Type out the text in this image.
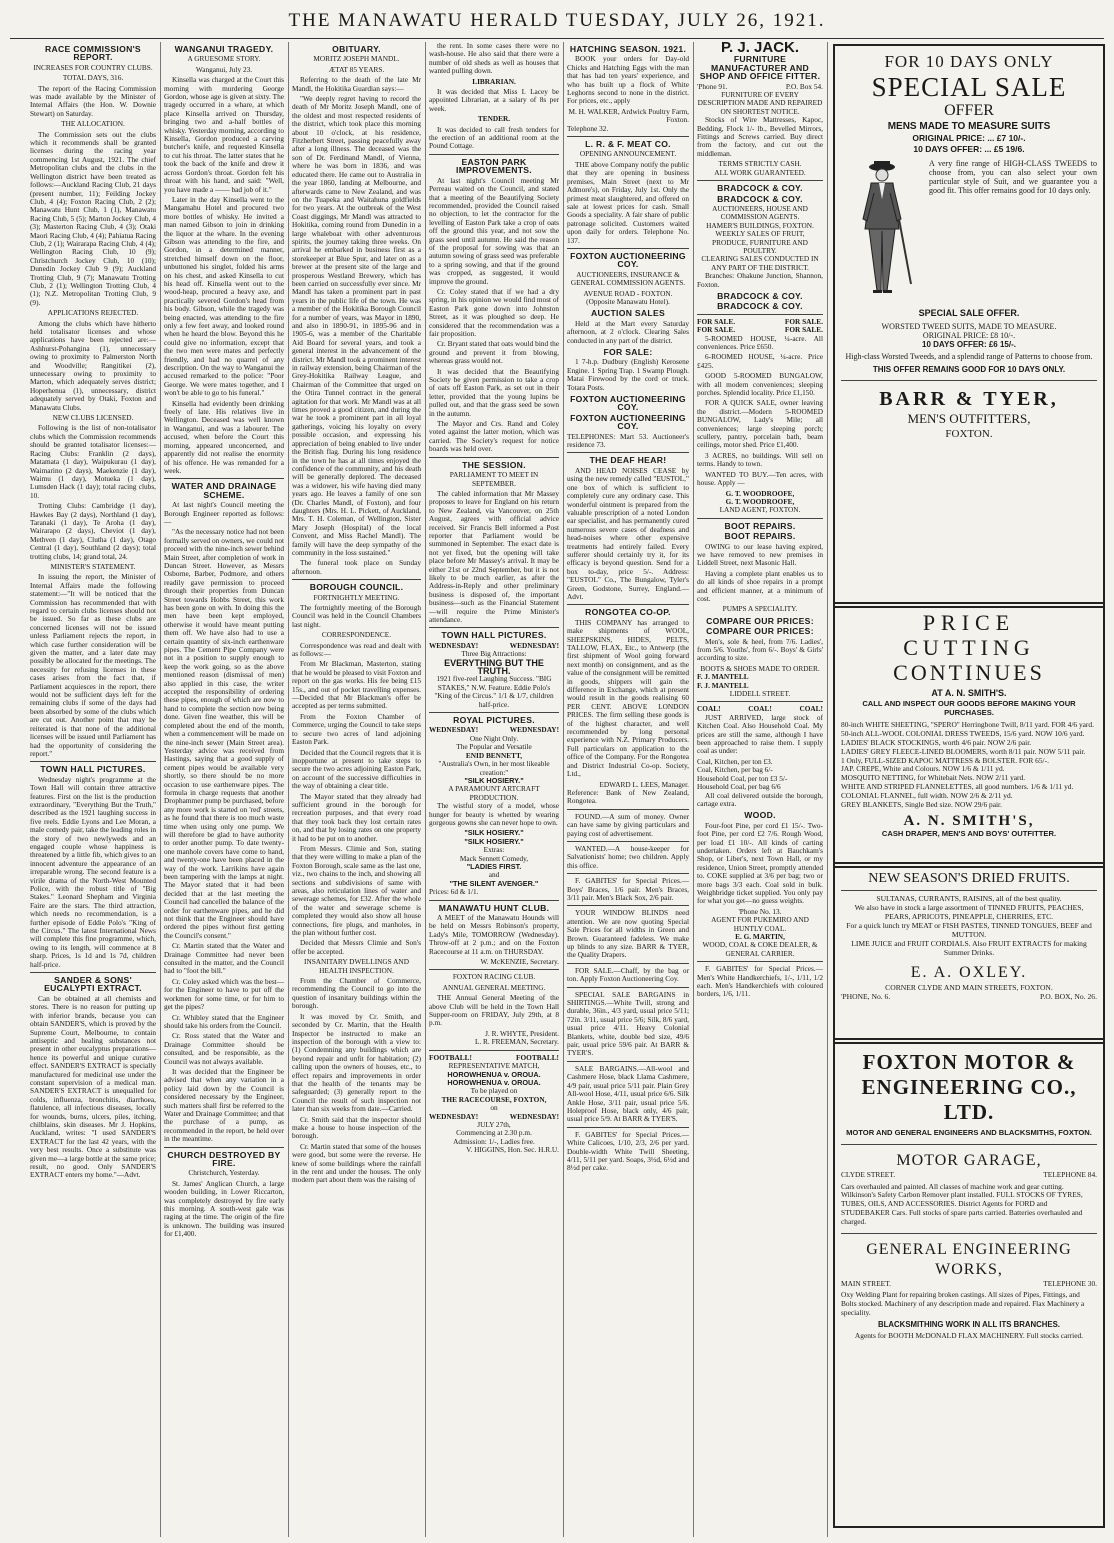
THE MANAWATU HERALD TUESDAY, JULY 26, 1921.
RACE COMMISSION'S REPORT.
INCREASES FOR COUNTRY CLUBS.
TOTAL DAYS, 316.

The report of the Racing Commission was made available by the Minister of Internal Affairs (the Hon. W. Downie Stewart) on Saturday.

THE ALLOCATION.

The Commission sets out the clubs which it recommends shall be granted licenses during the racing year commencing 1st August, 1921. The chief Metropolitan clubs and the clubs in the Wellington district have been treated as follows:—Auckland Racing Club, 21 days (present number, 11); Feilding Jockey Club, 4 (4); Foxton Racing Club, 2 (2); Manawatu Hunt Club, 1 (1), Manawatu Racing Club, 5 (5); Marton Jockey Club, 4 (3); Masterton Racing Club, 4 (3); Otaki Maori Racing Club, 4 (4); Pahiatua Racing Club, 2 (1); Wairarapa Racing Club, 4 (4); Wellington Racing Club, 10 (9); Christchurch Jockey Club, 10 (10); Dunedin Jockey Club 9 (9); Auckland Trotting Club, 9 (7); Manawatu Trotting Club, 2 (1); Wellington Trotting Club, 4 (1); N.Z. Metropolitan Trotting Club, 9 (9).

APPLICATIONS REJECTED.

Among the clubs which have hitherto held totalisator licenses and whose applications have been rejected are:—Ashhurst-Pohangina (1), unnecessary owing to proximity to Palmerston North and Woodville; Rangitikei (2), unnecessary owing to proximity to Marton, which adequately serves district; Hoperhenua (1), unnecessary, district adequately served by Otaki, Foxton and Manawatu Clubs.

NEW CLUBS LICENSED.

Following is the list of non-totalisator clubs which the Commission recommends should be granted totalisator licenses:—Racing Clubs: Franklin (2 days), Matamata (1 day), Waipukurau (1 day), Waimarino (2 days), Maekenzie (1 day), Waimu (1 day), Motueka (1 day), Lumsden Hack (1 day); total racing clubs, 10.

Trotting Clubs: Cambridge (1 day), Hawkes Bay (2 days), Northland (1 day), Taranaki (1 day), Te Aroha (1 day), Wairarapo (2 days), Cheviot (1 day), Methven (1 day), Clutha (1 day), Otago Central (1 day), Southland (2 days); total trotting clubs, 14; grand total, 24.

MINISTER'S STATEMENT.

In issuing the report, the Minister of Internal Affairs made the following statement:—"It will be noticed that the Commission has recommended that with regard to certain clubs licenses should not be issued. So far as these clubs are concerned licenses will not be issued unless Parliament rejects the report, in which case further consideration will be given the matter, and a later date may possibly be allocated for the meetings. The necessity for refusing licenses in these cases arises from the fact that, if Parliament acquiesces in the report, there would not be sufficient days left for the remaining clubs if some of the days had been absorbed by some of the clubs which are cut out. Another point that may be reiterated is that none of the additional licenses will be issued until Parliament has had the opportunity of considering the report."

TOWN HALL PICTURES.

Wednesday night's programme at the Town Hall will contain three attractive features. First on the list is the production extraordinary, "Everything But the Truth," described as the 1921 laughing success in five reels. Eddie Lyons and Lee Moran, a male comedy pair, take the leading roles in the story of two newlyweds and an engaged couple whose happiness is threatened by a little fib, which gives to an innocent adventure the appearance of an irreparable wrong. The second feature is a virile drama of the North-West Mounted Police, with the robust title of "Big Stakes." Leonard Shepham and Virginia Faire are the stars. The third attraction, which needs no recommendation, is a further episode of Eddie Polo's "King of the Circus." The latest International News will complete this fine programme, which, owing to its length, will commence at 8 sharp. Prices, 1s 1d and 1s 7d, children half-price.

SANDER & SONS' EUCALYPTI EXTRACT.

Can be obtained at all chemists and stores. There is no reason for putting up with inferior brands, because you can obtain SANDER'S, which is proved by the Supreme Court, Melbourne, to contain antiseptic and healing substances not present in other eucalyptus preparations—hence its powerful and unique curative effect. SANDER'S EXTRACT is specially manufactured for medicinal use under the constant supervision of a medical man. SANDER'S EXTRACT is unequalled for colds, influenza, bronchitis, diarrhoea, flatulence, all infectious diseases, locally for wounds, burns, ulcers, piles, itching, chilblains, skin diseases. Mr J. Hopkins, Auckland, writes: "I used SANDER'S EXTRACT for the last 42 years, with the very best results. Once a substitute was given me—a large bottle at the same price; result, no good. Only SANDER'S EXTRACT enters my home."—Advt.

WANGANUI TRAGEDY.
A GRUESOME STORY.
Wanganui, July 23.

Kinsella was charged at the Court this morning with murdering George Gordon, whose age is given at sixty. The tragedy occurred in a whare, at which place Kinsella arrived on Thursday, bringing two and a-half bottles of whisky. Yesterday morning, according to Kinsella, Gordon produced a carving butcher's knife, and requested Kinsella to cut his throat. The latter states that he took the back of the knife and drew it across Gordon's throat. Gordon felt his throat with his hand, and said: "Well, you have made a —— bad job of it."

Later in the day Kinsella went to the Mangamahu Hotel and procured two more bottles of whisky. He invited a man named Gibson to join in drinking the liquor at the whare. In the evening Gibson was attending to the fire, and Gordon, in a determined manner, stretched himself down on the floor, unbuttoned his singlet, folded his arms on his chest, and asked Kinsella to cut his head off. Kinsella went out to the wood-heap, procured a heavy axe, and practically severed Gordon's head from his body. Gibson, while the tragedy was being enacted, was attending to the fire only a few feet away, and looked round when he heard the blow. Beyond this he could give no information, except that the two men were mates and perfectly friendly, and had no quarrel of any description. On the way to Wanganui the accused remarked to the police: "Poor George. We were mates together, and I won't be able to go to his funeral."

Kinsella had evidently been drinking freely of late. His relatives live in Wellington. Deceased was well known in Wanganui, and was a labourer. The accused, when before the Court this morning, appeared unconcerned, and apparently did not realise the enormity of his offence. He was remanded for a week.

WATER AND DRAINAGE SCHEME.

At last night's Council meeting the Borough Engineer reported as follows:—

"As the necessary notice had not been formally served on owners, we could not proceed with the nine-inch sewer behind Main Street, after completion of work in Duncan Street. However, as Messrs Osborne, Barber, Podmore, and others readily gave permission to proceed through their properties from Duncan Street towards Hobbs Street, this work has been gone on with. In doing this the men have been kept employed, otherwise it would have meant putting them off. We have also had to use a certain quantity of six-inch earthenware pipes. The Cement Pipe Company were not in a position to supply enough to keep the work going, so as the above mentioned reason (dismissal of men) also applied in this case, the writer accepted the responsibility of ordering these pipes, enough of which are now to hand to complete the section now being done. Given fine weather, this will be completed about the end of the month, when a commencement will be made on the nine-inch sewer (Main Street area). Yesterday advice was received from Hastings, saying that a good supply of cement pipes would be available very shortly, so there should be no more occasion to use earthenware pipes. The formula in charge requests that another Drophammer pump be purchased, before any more work is started on 'red' streets, as he found that there is too much waste time when using only one pump. We will therefore be glad to have authority to order another pump. To date twenty-one manhole covers have come to hand, and twenty-one have been placed in the way of the work. Larrikins have again been tampering with the lamps at night. The Mayor stated that it had been decided that at the last meeting the Council had cancelled the balance of the order for earthenware pipes, and he did not think that the Engineer should have ordered the pipes without first getting the Council's consent."

Cr. Martin stated that the Water and Drainage Committee had never been consulted in the matter, and the Council had to "foot the bill."

Cr. Coley asked which was the best—for the Engineer to have to put off the workmen for some time, or for him to get the pipes?

Cr. Whibley stated that the Engineer should take his orders from the Council.

Cr. Ross stated that the Water and Drainage Committee should be consulted, and be responsible, as the Council was not always available.

It was decided that the Engineer be advised that when any variation in a policy laid down by the Council is considered necessary by the Engineer, such matters shall first be referred to the Water and Drainage Committee; and that the purchase of a pump, as recommended in the report, be held over in the meantime.

CHURCH DESTROYED BY FIRE.
Christchurch, Yesterday.

St. James' Anglican Church, a large wooden building, in Lower Riccarton, was completely destroyed by fire early this morning. A south-west gale was raging at the time. The origin of the fire is unknown. The building was insured for £1,400.

OBITUARY.
MORITZ JOSEPH MANDL.
ÆTAT 85 YEARS.

Referring to the death of the late Mr Mandl, the Hokitika Guardian says:—

"We deeply regret having to record the death of Mr Moritz Joseph Mandl, one of the oldest and most respected residents of the district, which took place this morning about 10 o'clock, at his residence, Fitzherbert Street, passing peacefully away after a long illness. The deceased was the son of Dr. Ferdinand Mandl, of Vienna, where he was born in 1836, and was educated there. He came out to Australia in the year 1860, landing at Melbourne, and afterwards came to New Zealand, and was on the Tuapeka and Waitahuna goldfields for two years. At the outbreak of the West Coast diggings, Mr Mandl was attracted to Hokitika, coming round from Dunedin in a large whaleboat with other adventurous spirits, the journey taking three weeks. On arrival he embarked in business first as a storekeeper at Blue Spur, and later on as a brewer at the present site of the large and prosperous Westland Brewery, which has been carried on successfully ever since. Mr Mandl has taken a prominent part in past years in the public life of the town. He was a member of the Hokitika Borough Council for a number of years, was Mayor in 1890, and also in 1890-91, in 1895-96 and in 1905-6, was a member of the Charitable Aid Board for several years, and took a general interest in the advancement of the district. Mr Mandl took a prominent interest in railway extension, being Chairman of the Grey-Hokitika Railway League, and Chairman of the Committee that urged on the Otira Tunnel contract in the general agitation for that work. Mr Mandl was at all times proved a good citizen, and during the war he took a prominent part in all loyal gatherings, voicing his loyalty on every possible occasion, and expressing his appreciation of being enabled to live under the British flag. During his long residence in the town he has at all times enjoyed the confidence of the community, and his death will be generally deplored. The deceased was a widower, his wife having died many years ago. He leaves a family of one son (Dr. Charles Mandl, of Foxton), and four daughters (Mrs. H. L. Pickett, of Auckland, Mrs. T. H. Coleman, of Wellington, Sister Mary Joseph (Hospital) of the local Convent, and Miss Rachel Mandl). The family will have the deep sympathy of the community in the loss sustained."

The funeral took place on Sunday afternoon.

BOROUGH COUNCIL.
FORTNIGHTLY MEETING.

The fortnightly meeting of the Borough Council was held in the Council Chambers last night.

CORRESPONDENCE.

Correspondence was read and dealt with as follows:—

From Mr Blackman, Masterton, stating that he would be pleased to visit Foxton and report on the gas works. His fee being £15 15s., and out of pocket travelling expenses.—Decided that Mr Blackman's offer be accepted as per terms submitted.

From the Foxton Chamber of Commerce, urging the Council to take steps to secure two acres of land adjoining Easton Park.

Decided that the Council regrets that it is inopportune at present to take steps to secure the two acres adjoining Easton Park, on account of the successive difficulties in the way of obtaining a clear title.

The Mayor stated that they already had sufficient ground in the borough for recreation purposes, and that every road that they took back they lost certain rates on, and that by losing rates on one property it had to be put on to another.

From Messrs. Climie and Son, stating that they were willing to make a plan of the Foxton Borough, scale same as the last one, viz., two chains to the inch, and showing all sections and subdivisions of same with areas, also reticulation lines of water and sewerage schemes, for £32. After the whole of the water and sewerage scheme is completed they would also show all house connections, fire plugs, and manholes, in the plan without further cost.

Decided that Messrs Climie and Son's offer be accepted.

INSANITARY DWELLINGS AND HEALTH INSPECTION.

From the Chamber of Commerce, recommending the Council to go into the question of insanitary buildings within the borough.

It was moved by Cr. Smith, and seconded by Cr. Martin, that the Health Inspector be instructed to make an inspection of the borough with a view to: (1) Condemning any buildings which are beyond repair and unfit for habitation; (2) calling upon the owners of houses, etc., to effect repairs and improvements in order that the health of the tenants may be safeguarded; (3) generally report to the Council the result of such inspection not later than six weeks from date.—Carried.

Cr. Smith said that the inspector should make a house to house inspection of the borough.

Cr. Martin stated that some of the houses were good, but some were the reverse. He knew of some buildings where the rainfall in the rent and under the houses. The only modern part about them was the raising of

the rent. In some cases there were no wash-house. He also said that there were a number of old sheds as well as houses that wanted pulling down.

LIBRARIAN.

It was decided that Miss I. Lacey be appointed Librarian, at a salary of 8s per week.

TENDER.

It was decided to call fresh tenders for the erection of an additional room at the Pound Cottage.

EASTON PARK IMPROVEMENTS.

At last night's Council meeting Mr Perreau waited on the Council, and stated that a meeting of the Beautifying Society recommended, provided the Council raised no objection, to let the contractor for the levelling of Easton Park take a crop of oats off the ground this year, and not sow the grass seed until autumn. He said the reason of the proposal for sowing was that an autumn sowing of grass seed was preferable to a spring sowing, and that if the ground was cropped, as suggested, it would improve the ground.

Cr. Coley stated that if we had a dry spring, in his opinion we would find most of Easton Park gone down into Johnston Street, as it was ploughed so deep. He considered that the recommendation was a fair proposition.

Cr. Bryant stated that oats would bind the ground and prevent it from blowing, whereas grass would not.

It was decided that the Beautifying Society be given permission to take a crop of oats off Easton Park, as set out in their letter, provided that the young lupins be pulled out, and that the grass seed be sown in the autumn.

The Mayor and Crs. Rand and Coley voted against the latter motion, which was carried. The Society's request for notice boards was held over.

THE SESSION.
PARLIAMENT TO MEET IN SEPTEMBER.

The cabled information that Mr Massey proposes to leave for England on his return to New Zealand, via Vancouver, on 25th August, agrees with official advice received. Sir Francis Bell informed a Post reporter that Parliament would be summoned in September. The exact date is not yet fixed, but the opening will take place before Mr Massey's arrival. It may be either 21st or 22nd September, but it is not likely to be much earlier, as after the Address-in-Reply and other preliminary business is disposed of, the important business—such as the Financial Statement—will require the Prime Minister's attendance.

TOWN HALL PICTURES.
WEDNESDAY!	WEDNESDAY!
Three Big Attractions:
EVERYTHING BUT THE TRUTH.
1921 five-reel Laughing Success. "BIG STAKES," N.W. Feature. Eddie Polo's "King of the Circus." 1/1 & 1/7, children half-price.
ROYAL PICTURES.
WEDNESDAY!	WEDNESDAY!
One Night Only.
The Popular and Versatile
ENID BENNETT,
"Australia's Own, in her most likeable creation:"
"SILK HOSIERY."
A PARAMOUNT ARTCRAFT PRODUCTION.

The wistful story of a model, whose hunger for beauty is whetted by wearing gorgeous gowns she can never hope to own.

"SILK HOSIERY."
"SILK HOSIERY."
Extras:
Mack Sennett Comedy,
"LADIES FIRST.
and
"THE SILENT AVENGER."
Prices: 6d & 1/1.
MANAWATU HUNT CLUB.

A MEET of the Manawatu Hounds will be held on Messrs Robinson's property, Lady's Mile, TOMORROW (Wednesday). Throw-off at 2 p.m.; and on the Foxton Racecourse at 11 a.m. on THURSDAY.

W. McKENZIE, Secretary.
FOXTON RACING CLUB.
ANNUAL GENERAL MEETING.

THE Annual General Meeting of the above Club will be held in the Town Hall Supper-room on FRIDAY, July 29th, at 8 p.m.

J. R. WHYTE, President.
L. R. FREEMAN, Secretary.
FOOTBALL!	FOOTBALL!
REPRESENTATIVE MATCH,
HOROWHENUA v. OROUA.
HOROWHENUA v. OROUA.
To be played on
THE RACECOURSE, FOXTON,
on
WEDNESDAY!	WEDNESDAY!
JULY 27th,
Commencing at 2.30 p.m.
Admission: 1/-, Ladies free.
V. HIGGINS, Hon. Sec. H.R.U.
HATCHING SEASON. 1921.

BOOK your orders for Day-old Chicks and Hatching Eggs with the man that has had ten years' experience, and who has built up a flock of White Leghorns second to none in the district. For prices, etc., apply

M. H. WALKER, Ardwick Poultry Farm, Foxton.
Telephone 32.
L. R. & F. MEAT CO.
OPENING ANNOUNCEMENT.

THE above Company notify the public that they are opening in business premises, Main Street (next to Mr Admore's), on Friday, July 1st. Only the primest meat slaughtered, and offered on sale at lowest prices for cash. Small Goods a speciality. A fair share of public patronage solicited. Customers waited upon daily for orders. Telephone No. 137.

FOXTON AUCTIONEERING COY.
AUCTIONEERS, INSURANCE & GENERAL COMMISSION AGENTS.
AVENUE ROAD - FOXTON.
(Opposite Manawatu Hotel).
AUCTION SALES

Held at the Mart every Saturday afternoon, at 2 o'clock. Clearing Sales conducted in any part of the district.

FOR SALE:

1 7-h.p. Dudbury (English) Kerosene Engine. 1 Spring Trap. 1 Swamp Plough. Matai Firewood by the cord or truck. Totara Posts.

FOXTON AUCTIONEERING COY.
FOXTON AUCTIONEERING COY.
TELEPHONES: Mart 53. Auctioneer's residence 73.
THE DEAF HEAR!

AND HEAD NOISES CEASE by using the new remedy called "EUSTOL," one box of which is sufficient to completely cure any ordinary case. This wonderful ointment is prepared from the valuable prescription of a noted London ear specialist, and has permanently cured numerous severe cases of deafness and head-noises where other expensive treatments had entirely failed. Every sufferer should certainly try it, for its efficacy is beyond question. Send for a box to-day, price 5/-. Address: "EUSTOL" Co., The Bungalow, Tyler's Green, Godstone, Surrey, England.—Advt.

RONGOTEA CO-OP.

THIS COMPANY has arranged to make shipments of WOOL, SHEEPSKINS, HIDES, PELTS, TALLOW, FLAX, Etc., to Antwerp (the first shipment of Wool going forward next month) on consignment, and as the value of the consignment will be remitted in goods, shippers will gain the difference in Exchange, which at present would result in the goods realising 60 PER CENT. ABOVE LONDON PRICES. The firm selling these goods is of the highest character, and well recommended by long personal experience with N.Z. Primary Producers. Full particulars on application to the office of the Company. For the Rongotea and District Industrial Co-op. Society, Ltd.,

EDWARD L. LEES, Manager.
Reference: Bank of New Zealand, Rongotea.

FOUND.—A sum of money. Owner can have same by giving particulars and paying cost of advertisement.

WANTED.—A house-keeper for Salvationists' home; two children. Apply this office.

F. GABITES' for Special Prices.—Boys' Braces, 1/6 pair. Men's Braces, 3/11 pair. Men's Black Sox, 2/6 pair.

YOUR WINDOW BLINDS need attention. We are now quoting Special Sale Prices for all widths in Green and Brown. Guaranteed fadeless. We make up blinds to any size. BARR & TYER, the Quality Drapers.

FOR SALE.—Chaff, by the bag or ton. Apply Foxton Auctioneering Coy.

SPECIAL SALE BARGAINS in SHIRTINGS.—White Twill, strong and durable, 36in., 4/3 yard, usual price 5/11; 72in. 3/11, usual price 5/6; Silk, 8/6 yard, usual price 4/11. Heavy Colonial Blankets, white, double bed size, 49/6 pair, usual price 59/6 pair. At BARR & TYER'S.

SALE BARGAINS.—All-wool and Cashmere Hose, black Llama Cashmere, 4/9 pair, usual price 5/11 pair. Plain Grey All-wool Hose, 4/11, usual price 6/6. Silk Ankle Hose, 3/11 pair, usual price 5/6. Holeproof Hose, black only, 4/6 pair, usual price 5/9. At BARR & TYER'S.

F. GABITES' for Special Prices.—White Calicoes, 1/10, 2/3, 2/6 per yard. Double-width White Twill Sheeting, 4/11, 5/11 per yard. Soaps, 3½d, 6½d and 8½d per cake.

P. J. JACK.
FURNITURE MANUFACTURER AND SHOP AND OFFICE FITTER.
'Phone 91.	P.O. Box 54.
FURNITURE OF EVERY DESCRIPTION MADE AND REPAIRED ON SHORTEST NOTICE.

Stocks of Wire Mattresses, Kapoc, Bedding, Flock 1/- lb., Bevelled Mirrors, Fittings and Screws carried. Buy direct from the factory, and cut out the middleman.

TERMS STRICTLY CASH.
ALL WORK GUARANTEED.
BRADCOCK & COY.
BRADCOCK & COY.
AUCTIONEERS, HOUSE AND COMMISSION AGENTS.
HAMER'S BUILDINGS, FOXTON.
WEEKLY SALES OF FRUIT, PRODUCE, FURNITURE AND POULTRY.
CLEARING SALES CONDUCTED IN ANY PART OF THE DISTRICT.

Branches: Ohakune Junction, Shannon, Foxton.

BRADCOCK & COY.
BRADCOCK & COY.
FOR SALE.	FOR SALE.
FOR SALE.	FOR SALE.

5-ROOMED HOUSE, ¼-acre. All conveniences. Price £650.

6-ROOMED HOUSE, ¼-acre. Price £425.

GOOD 5-ROOMED BUNGALOW, with all modern conveniences; sleeping porches. Splendid locality. Price £1,150.

FOR A QUICK SALE, owner leaving the district.—Modern 5-ROOMED BUNGALOW, Lady's Mile; all conveniences; large sleeping porch; scullery, pantry, porcelain bath, beam ceilings, motor shed. Price £1,400.

3 ACRES, no buildings. Will sell on terms. Handy to town.

WANTED TO BUY.—Ten acres, with house. Apply —

G. T. WOODROOFE,
G. T. WOODROOFE,
LAND AGENT, FOXTON.
BOOT REPAIRS.
BOOT REPAIRS.

OWING to our lease having expired, we have removed to new premises in Liddell Street, next Masonic Hall.

Having a complete plant enables us to do all kinds of shoe repairs in a prompt and efficient manner, at a minimum of cost.

PUMPS A SPECIALITY.
COMPARE OUR PRICES:
COMPARE OUR PRICES:

Men's, sole & heel, from 7/6. Ladies', from 5/6. Youths', from 6/-. Boys' & Girls' according to size.

BOOTS & SHOES MADE TO ORDER.
F. J. MANTELL
F. J. MANTELL
LIDDELL STREET.
COAL!	COAL!	COAL!

JUST ARRIVED, large stock of Kitchen Coal. Also Household Coal. My prices are still the same, although I have been approached to raise them. I supply coal as under:

Coal, Kitchen, per ton £3.
Coal, Kitchen, per bag 6/-
Household Coal, per ton £3 5/-
Household Coal, per bag 6/6

All coal delivered outside the borough, cartage extra.

WOOD.

Four-foot Pine, per cord £1 15/-. Two-foot Pine, per cord £2 7/6. Rough Wood, per load £1 10/-. All kinds of carting undertaken. Orders left at Bauchkam's Shop, or Liber's, next Town Hall, or my residence, Union Street, promptly attended to. COKE supplied at 3/6 per bag; two or more bags 3/3 each. Coal sold in bulk. Weighbridge ticket supplied. You only pay for what you get—no guess weights.

'Phone No. 13.
AGENT FOR PUKEMIRO AND HUNTLY COAL.
E. G. MARTIN,
WOOD, COAL & COKE DEALER, & GENERAL CARRIER.

F. GABITES' for Special Prices.—Men's White Handkerchiefs, 1/-, 1/11, 1/2 each. Men's Handkerchiefs with coloured borders, 1/6, 1/11.

FOR 10 DAYS ONLY
SPECIAL SALE
OFFER
MENS MADE TO MEASURE SUITS
ORIGINAL PRICE: ... £7 10/-.
10 DAYS OFFER: ... £5 19/6.
A very fine range of HIGH-CLASS TWEEDS to choose from, you can also select your own particular style of Suit, and we guarantee you a good fit. This offer remains good for 10 days only.
SPECIAL SALE OFFER.
WORSTED TWEED SUITS, MADE TO MEASURE.
ORIGINAL PRICE: £8 10/-.
10 DAYS OFFER: £6 15/-.
High-class Worsted Tweeds, and a splendid range of Patterns to choose from.
THIS OFFER REMAINS GOOD FOR 10 DAYS ONLY.
BARR & TYER,
MEN'S OUTFITTERS,
FOXTON.
PRICE
CUTTING
CONTINUES
AT A. N. SMITH'S.
CALL AND INSPECT OUR GOODS BEFORE MAKING YOUR PURCHASES.
80-inch WHITE SHEETING, "SPERO" Herringbone Twill, 8/11 yard. FOR 4/6 yard.
50-inch ALL-WOOL COLONIAL DRESS TWEEDS, 15/6 yard. NOW 10/6 yard.
LADIES' BLACK STOCKINGS, worth 4/6 pair. NOW 2/6 pair.
LADIES' GREY FLEECE-LINED BLOOMERS, worth 8/11 pair. NOW 5/11 pair.
1 Only, FULL-SIZED KAPOC MATTRESS & BOLSTER. FOR 65/-.
JAP. CREPE, White and Colours. NOW 1/6 & 1/11 yd.
MOSQUITO NETTING, for Whitebait Nets. NOW 2/11 yard.
WHITE AND STRIPED FLANNELETTES, all good numbers. 1/6 & 1/11 yd.
COLONIAL FLANNEL, full width. NOW 2/6 & 2/11 yd.
GREY BLANKETS, Single Bed size. NOW 29/6 pair.
A. N. SMITH'S,
CASH DRAPER, MEN'S AND BOYS' OUTFITTER.
NEW SEASON'S DRIED FRUITS.
SULTANAS, CURRANTS, RAISINS, all of the best quality.
We also have in stock a large assortment of TINNED FRUITS, PEACHES, PEARS, APRICOTS, PINEAPPLE, CHERRIES, ETC.
For a quick lunch try MEAT or FISH PASTES, TINNED TONGUES, BEEF and MUTTON.
LIME JUICE and FRUIT CORDIALS. Also FRUIT EXTRACTS for making Summer Drinks.
E. A. OXLEY.
CORNER CLYDE AND MAIN STREETS, FOXTON.
'PHONE, No. 6.	P.O. BOX, No. 26.
FOXTON MOTOR & ENGINEERING CO., LTD.
MOTOR AND GENERAL ENGINEERS AND BLACKSMITHS, FOXTON.
MOTOR GARAGE,
CLYDE STREET.	TELEPHONE 84.

Cars overhauled and painted. All classes of machine work and gear cutting. Wilkinson's Safety Carbon Remover plant installed. FULL STOCKS OF TYRES, TUBES, OILS, AND ACCESSORIES. District Agents for FORD and STUDEBAKER Cars. Full stocks of spare parts carried. Batteries overhauled and charged.

GENERAL ENGINEERING WORKS,
MAIN STREET.	TELEPHONE 30.

Oxy Welding Plant for repairing broken castings. All sizes of Pipes, Fittings, and Bolts stocked. Machinery of any description made and repaired. Flax Machinery a speciality.

BLACKSMITHING WORK IN ALL ITS BRANCHES.
Agents for BOOTH McDONALD FLAX MACHINERY. Full stocks carried.
